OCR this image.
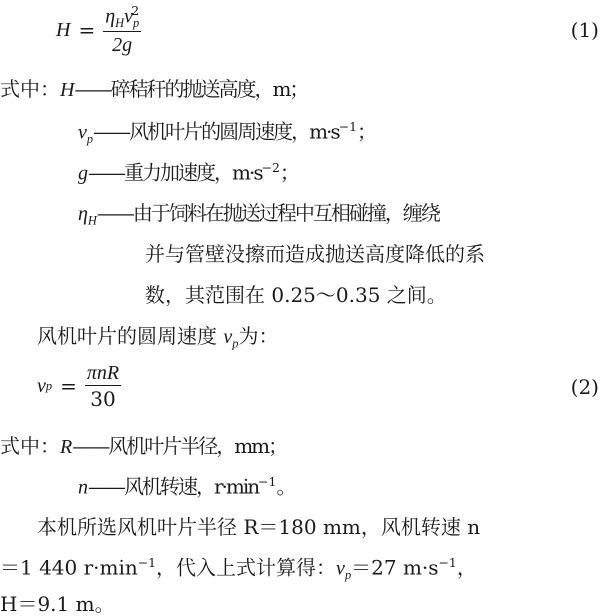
$H = \frac{\eta_Hv_p^2}{2g}$	(1)
式中：H——碎秸秆的抛送高度，m；
$v_p——$风机叶片的圆周速度，$m\cdot s^{-1}$；
g——重力加速度，$m\cdot s^{-2}$；
$\eta_H——$由于饲料在抛送过程中互相碰撞，缠绕
并与管壁没擦而造成抛送高度降低的系
数，其范围在 0.25～0.35 之间。
风机叶片的圆周速度 $v_p$为：
v $p = \frac{\text{πnR}}{30}$	(2)
式中：R——风机叶片半径，mm；
n——风机转速，$r\cdot\min^{-1}$。
本机所选风机叶片半径 R＝180 mm，风机转速 n
＝1 440 $r\cdot\min^{-1}$，代入上式计算得：$v_p=27$ $m\cdot s^{-1}$，
H＝9.1 m。
